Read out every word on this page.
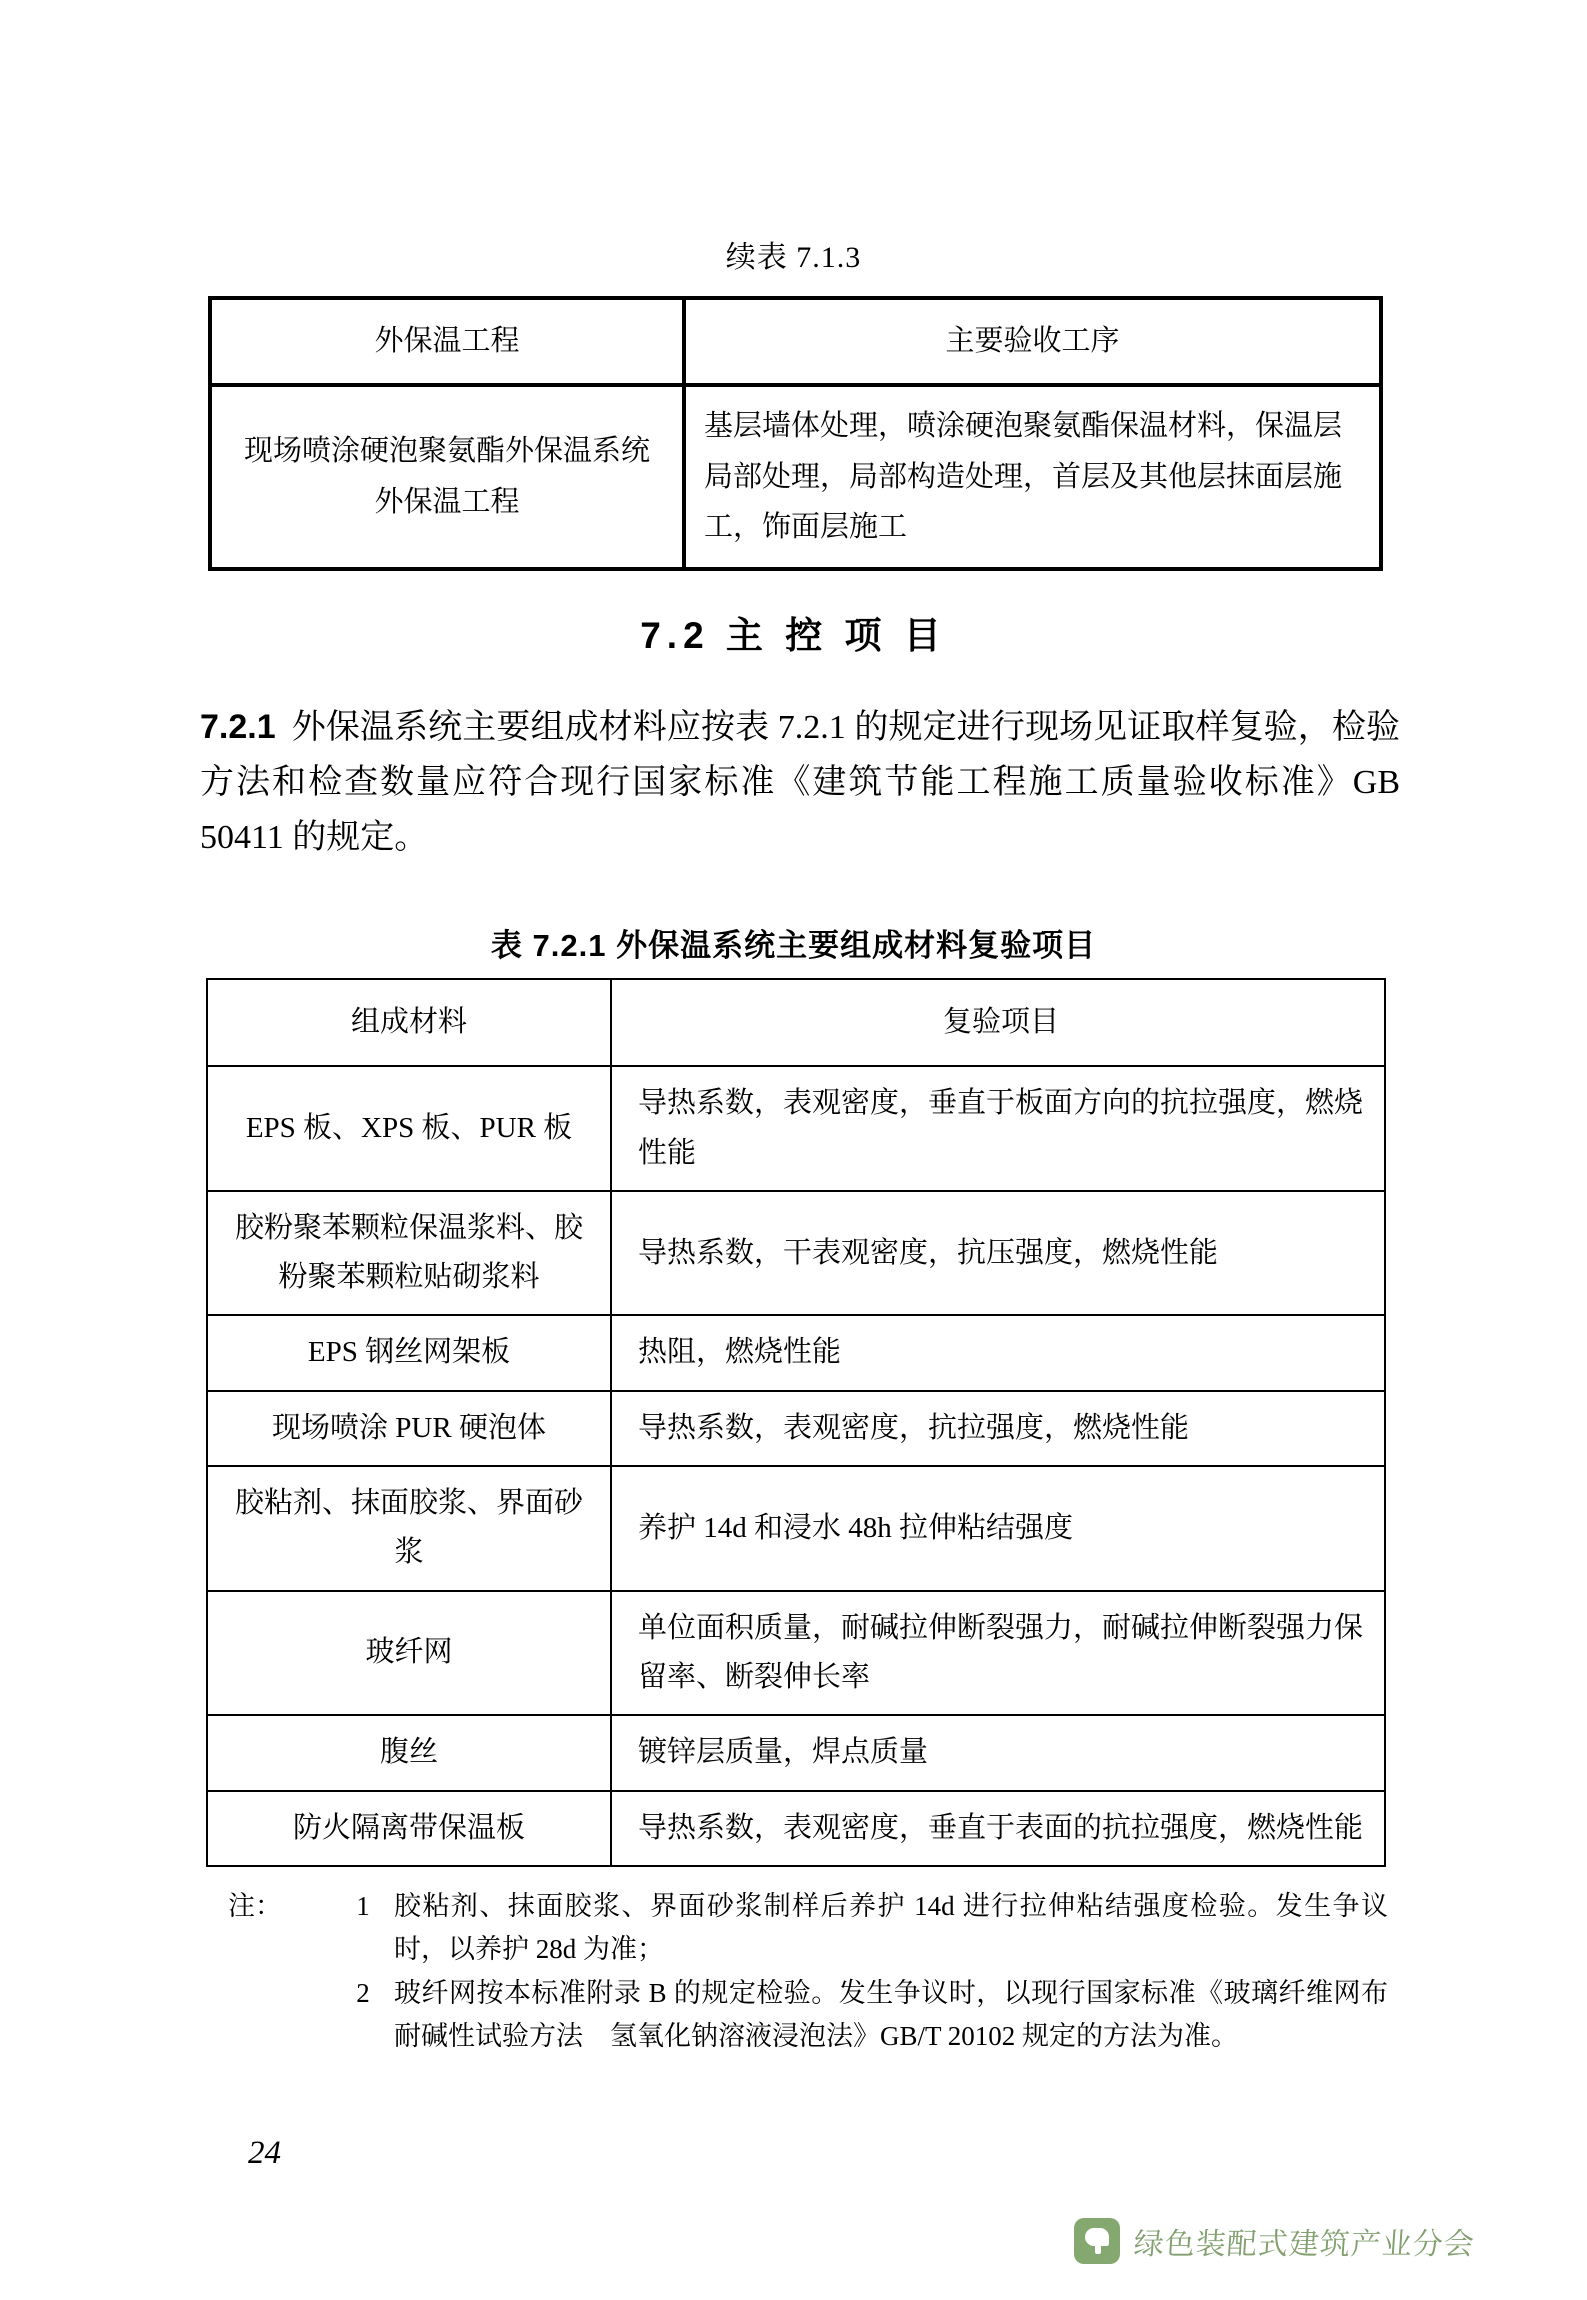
续表 7.1.3
外保温工程	主要验收工序
现场喷涂硬泡聚氨酯外保温系统外保温工程	基层墙体处理，喷涂硬泡聚氨酯保温材料，保温层局部处理，局部构造处理，首层及其他层抹面层施工，饰面层施工
7.2 主 控 项 目
7.2.1 外保温系统主要组成材料应按表 7.2.1 的规定进行现场见证取样复验，检验方法和检查数量应符合现行国家标准《建筑节能工程施工质量验收标准》GB 50411 的规定。
表 7.2.1 外保温系统主要组成材料复验项目
组成材料	复验项目
EPS 板、XPS 板、PUR 板	导热系数，表观密度，垂直于板面方向的抗拉强度，燃烧性能
胶粉聚苯颗粒保温浆料、胶粉聚苯颗粒贴砌浆料	导热系数，干表观密度，抗压强度，燃烧性能
EPS 钢丝网架板	热阻，燃烧性能
现场喷涂 PUR 硬泡体	导热系数，表观密度，抗拉强度，燃烧性能
胶粘剂、抹面胶浆、界面砂浆	养护 14d 和浸水 48h 拉伸粘结强度
玻纤网	单位面积质量，耐碱拉伸断裂强力，耐碱拉伸断裂强力保留率、断裂伸长率
腹丝	镀锌层质量，焊点质量
防火隔离带保温板	导热系数，表观密度，垂直于表面的抗拉强度，燃烧性能
注：	1 胶粘剂、抹面胶浆、界面砂浆制样后养护 14d 进行拉伸粘结强度检验。发生争议时，以养护 28d 为准；
2 玻纤网按本标准附录 B 的规定检验。发生争议时，以现行国家标准《玻璃纤维网布耐碱性试验方法　氢氧化钠溶液浸泡法》GB/T 20102 规定的方法为准。
24
绿色装配式建筑产业分会
